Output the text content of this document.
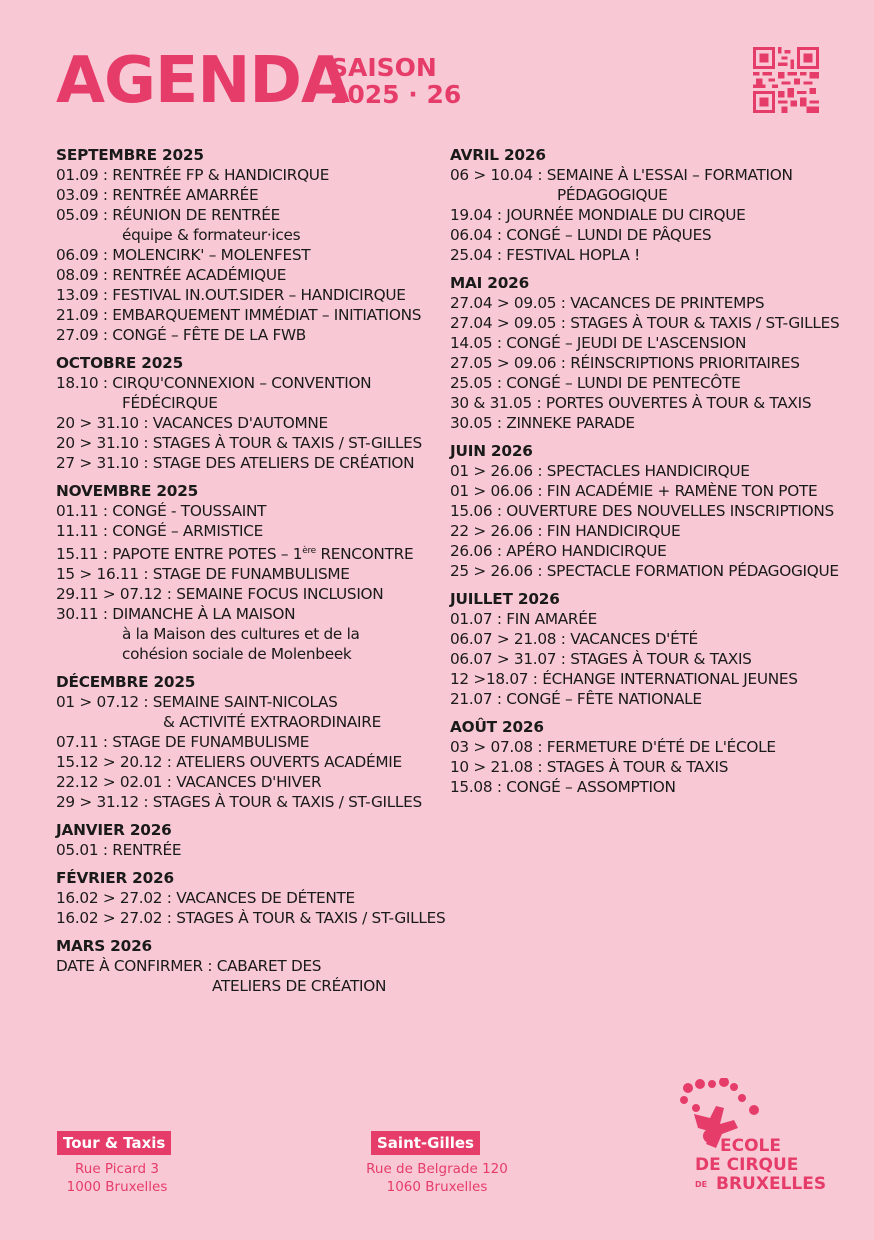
AGENDA
SAISON
2025 · 26
SEPTEMBRE 2025
01.09 : RENTRÉE FP & HANDICIRQUE
03.09 : RENTRÉE AMARRÉE
05.09 : RÉUNION DE RENTRÉE
équipe & formateur·ices
06.09 : MOLENCIRK' – MOLENFEST
08.09 : RENTRÉE ACADÉMIQUE
13.09 : FESTIVAL IN.OUT.SIDER – HANDICIRQUE
21.09 : EMBARQUEMENT IMMÉDIAT – INITIATIONS
27.09 : CONGÉ – FÊTE DE LA FWB
OCTOBRE 2025
18.10 : CIRQU'CONNEXION – CONVENTION
FÉDÉCIRQUE
20 > 31.10 : VACANCES D'AUTOMNE
20 > 31.10 : STAGES À TOUR & TAXIS / ST-GILLES
27 > 31.10 : STAGE DES ATELIERS DE CRÉATION
NOVEMBRE 2025
01.11 : CONGÉ - TOUSSAINT
11.11 : CONGÉ – ARMISTICE
15.11 : PAPOTE ENTRE POTES – 1ère RENCONTRE
15 > 16.11 : STAGE DE FUNAMBULISME
29.11 > 07.12 : SEMAINE FOCUS INCLUSION
30.11 : DIMANCHE À LA MAISON
à la Maison des cultures et de la
cohésion sociale de Molenbeek
DÉCEMBRE 2025
01 > 07.12 : SEMAINE SAINT-NICOLAS
& ACTIVITÉ EXTRAORDINAIRE
07.11 : STAGE DE FUNAMBULISME
15.12 > 20.12 : ATELIERS OUVERTS ACADÉMIE
22.12 > 02.01 : VACANCES D'HIVER
29 > 31.12 : STAGES À TOUR & TAXIS / ST-GILLES
JANVIER 2026
05.01 : RENTRÉE
FÉVRIER 2026
16.02 > 27.02 : VACANCES DE DÉTENTE
16.02 > 27.02 : STAGES À TOUR & TAXIS / ST-GILLES
MARS 2026
DATE À CONFIRMER : CABARET DES
ATELIERS DE CRÉATION
AVRIL 2026
06 > 10.04 : SEMAINE À L'ESSAI – FORMATION
PÉDAGOGIQUE
19.04 : JOURNÉE MONDIALE DU CIRQUE
06.04 : CONGÉ – LUNDI DE PÂQUES
25.04 : FESTIVAL HOPLA !
MAI 2026
27.04 > 09.05 : VACANCES DE PRINTEMPS
27.04 > 09.05 : STAGES À TOUR & TAXIS / ST-GILLES
14.05 : CONGÉ – JEUDI DE L'ASCENSION
27.05 > 09.06 : RÉINSCRIPTIONS PRIORITAIRES
25.05 : CONGÉ – LUNDI DE PENTECÔTE
30 & 31.05 : PORTES OUVERTES À TOUR & TAXIS
30.05 : ZINNEKE PARADE
JUIN 2026
01 > 26.06 : SPECTACLES HANDICIRQUE
01 > 06.06 : FIN ACADÉMIE + RAMÈNE TON POTE
15.06 : OUVERTURE DES NOUVELLES INSCRIPTIONS
22 > 26.06 : FIN HANDICIRQUE
26.06 : APÉRO HANDICIRQUE
25 > 26.06 : SPECTACLE FORMATION PÉDAGOGIQUE
JUILLET 2026
01.07 : FIN AMARÉE
06.07 > 21.08 : VACANCES D'ÉTÉ
06.07 > 31.07 : STAGES À TOUR & TAXIS
12 >18.07 : ÉCHANGE INTERNATIONAL JEUNES
21.07 : CONGÉ – FÊTE NATIONALE
AOÛT 2026
03 > 07.08 : FERMETURE D'ÉTÉ DE L'ÉCOLE
10 > 21.08 : STAGES À TOUR & TAXIS
15.08 : CONGÉ – ASSOMPTION
Tour & Taxis
Rue Picard 3
1000 Bruxelles
Saint-Gilles
Rue de Belgrade 120
1060 Bruxelles
ECOLE
DE CIRQUE
DE BRUXELLES
